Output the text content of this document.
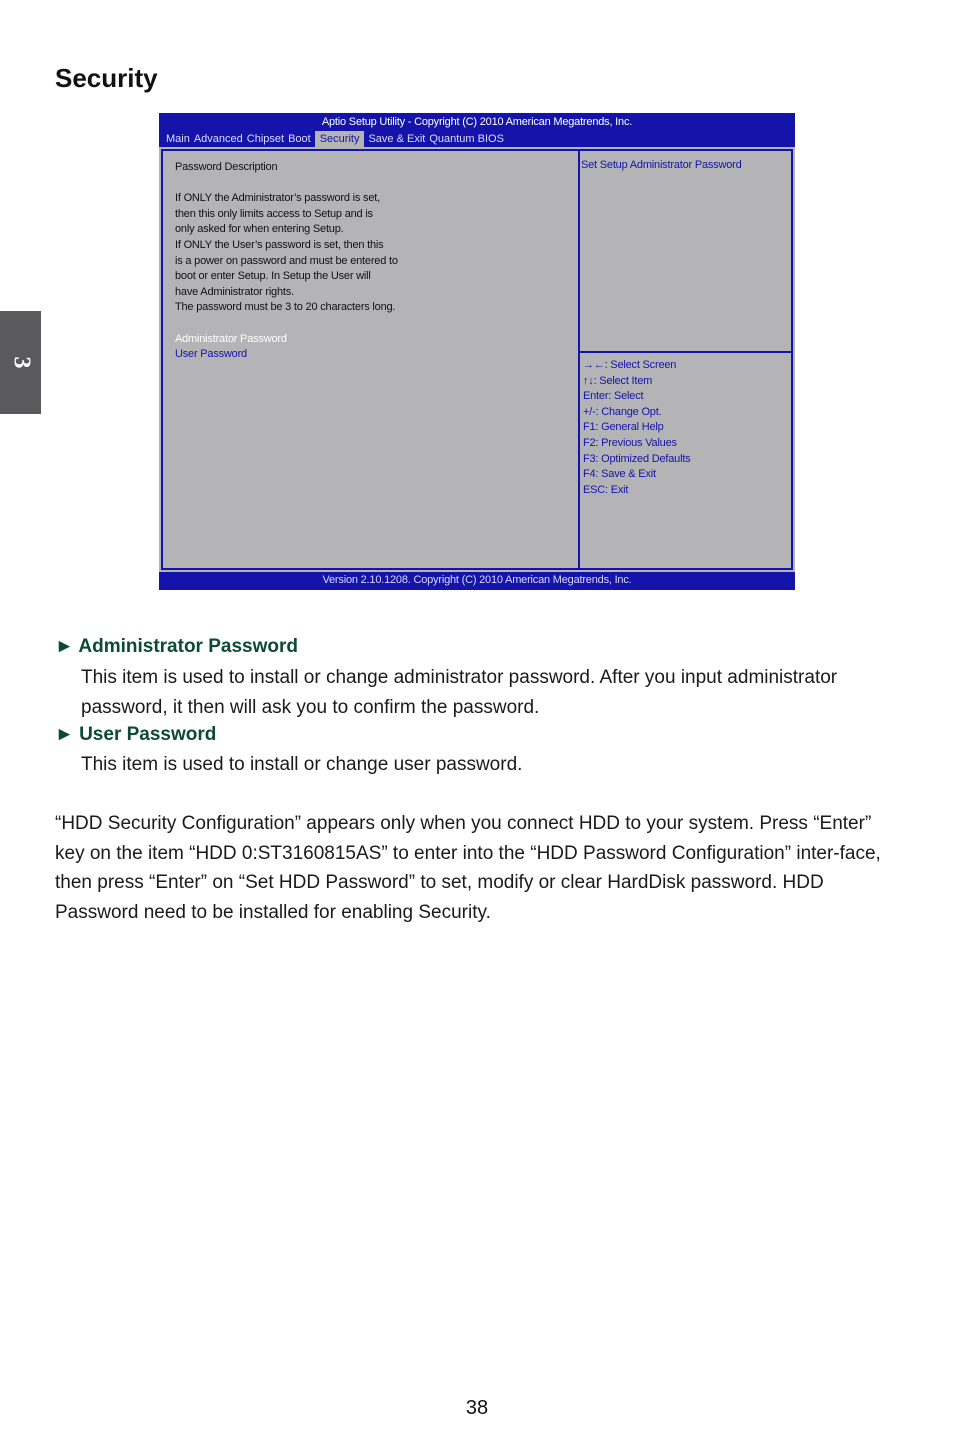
Security
3
Aptio Setup Utility - Copyright (C) 2010 American Megatrends, Inc.
Main Advanced Chipset Boot Security Save & Exit Quantum BIOS
Password Description
If ONLY the Administrator’s password is set,
then this only limits access to Setup and is
only asked for when entering Setup.
If ONLY the User’s password is set, then this
is a power on password and must be entered to
boot or enter Setup. In Setup the User will
have Administrator rights.
The password must be 3 to 20 characters long.
Administrator Password
User Password
Set Setup Administrator Password
→←: Select Screen
↑↓: Select Item
Enter: Select
+/-: Change Opt.
F1: General Help
F2: Previous Values
F3: Optimized Defaults
F4: Save & Exit
ESC: Exit
Version 2.10.1208. Copyright (C) 2010 American Megatrends, Inc.
► Administrator Password

This item is used to install or change administrator password. After you input administrator password, it then will ask you to confirm the password.

► User Password

This item is used to install or change user password.

“HDD Security Configuration” appears only when you connect HDD to your system. Press “Enter” key on the item “HDD 0:ST3160815AS” to enter into the “HDD Password Configuration” inter-face, then press “Enter” on “Set HDD Password” to set, modify or clear HardDisk password. HDD Password need to be installed for enabling Security.

38
